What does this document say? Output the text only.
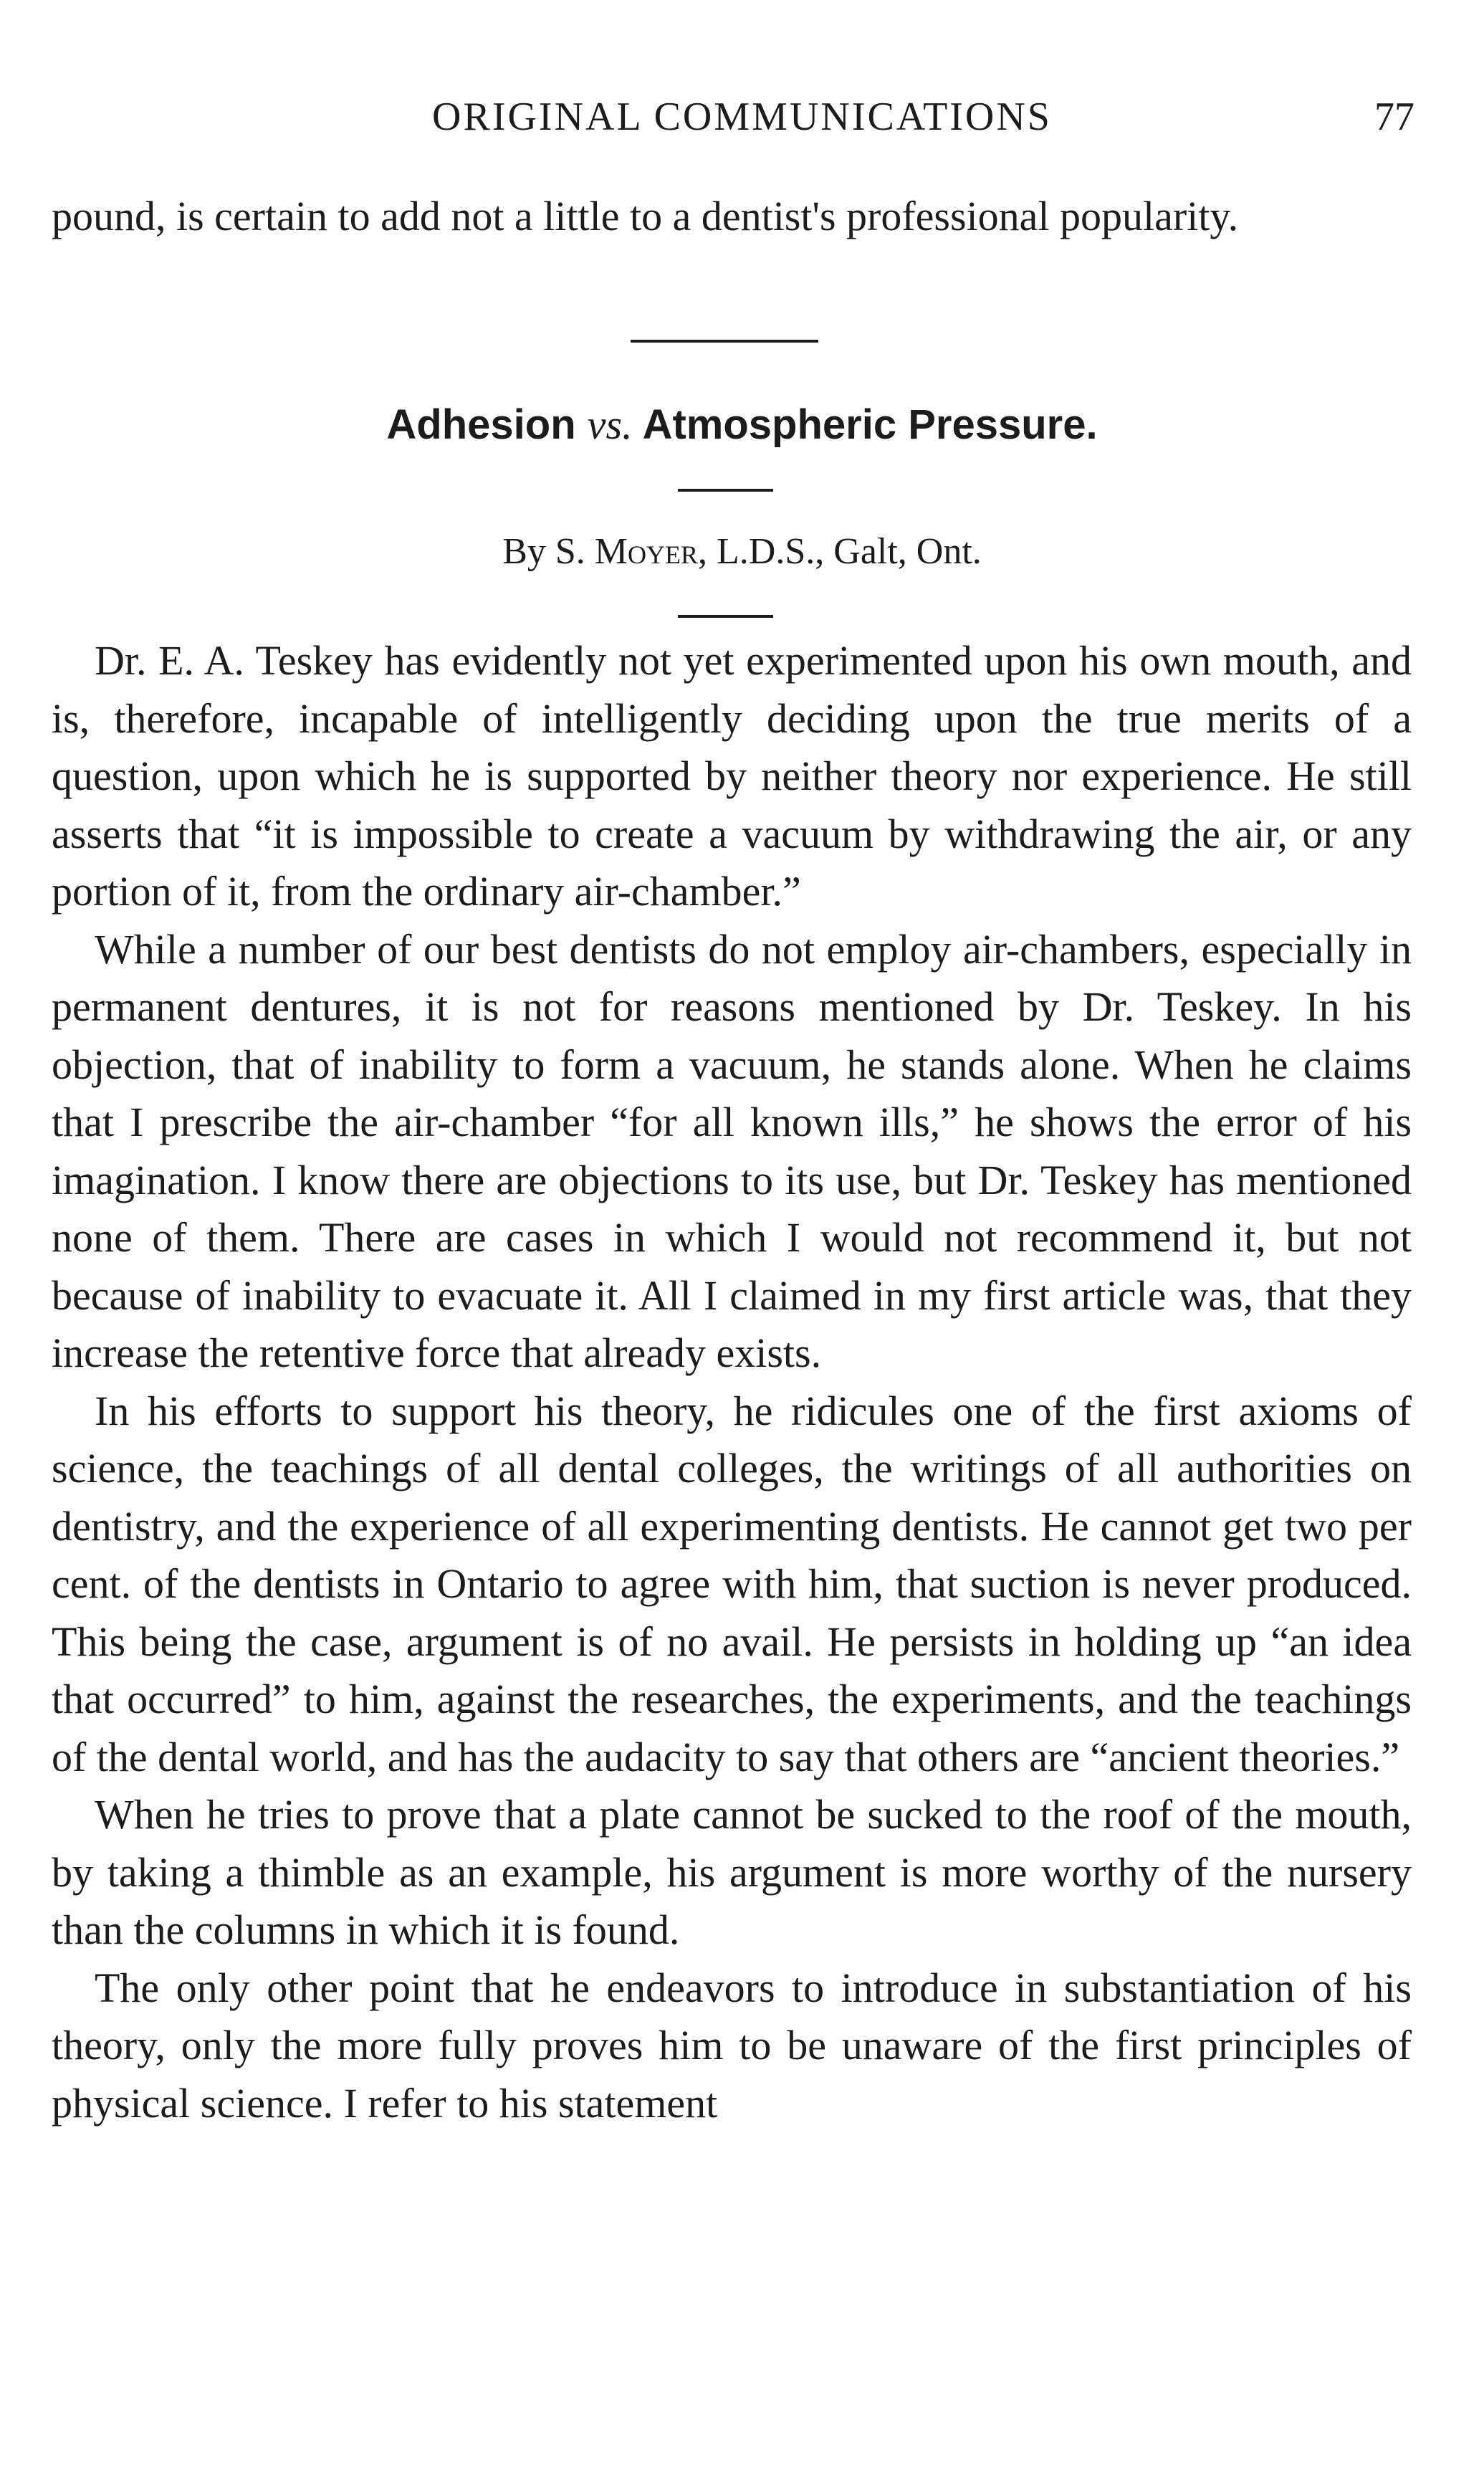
ORIGINAL COMMUNICATIONS	77

pound, is certain to add not a little to a dentist's professional popularity.

Adhesion vs. Atmospheric Pressure.
By S. Moyer, L.D.S., Galt, Ont.

Dr. E. A. Teskey has evidently not yet experimented upon his own mouth, and is, therefore, incapable of intelligently deciding upon the true merits of a question, upon which he is supported by neither theory nor experience. He still asserts that “it is impossible to create a vacuum by withdrawing the air, or any portion of it, from the ordinary air-chamber.”

While a number of our best dentists do not employ air-chambers, especially in permanent dentures, it is not for reasons mentioned by Dr. Teskey. In his objection, that of inability to form a vacuum, he stands alone. When he claims that I prescribe the air-chamber “for all known ills,” he shows the error of his imagination. I know there are objections to its use, but Dr. Teskey has mentioned none of them. There are cases in which I would not recommend it, but not because of inability to evacuate it. All I claimed in my first article was, that they increase the retentive force that already exists.

In his efforts to support his theory, he ridicules one of the first axioms of science, the teachings of all dental colleges, the writings of all authorities on dentistry, and the experience of all experimenting dentists. He cannot get two per cent. of the dentists in Ontario to agree with him, that suction is never produced. This being the case, argument is of no avail. He persists in holding up “an idea that occurred” to him, against the researches, the experiments, and the teachings of the dental world, and has the audacity to say that others are “ancient theories.”

When he tries to prove that a plate cannot be sucked to the roof of the mouth, by taking a thimble as an example, his argument is more worthy of the nursery than the columns in which it is found.

The only other point that he endeavors to introduce in substantiation of his theory, only the more fully proves him to be unaware of the first principles of physical science. I refer to his statement
